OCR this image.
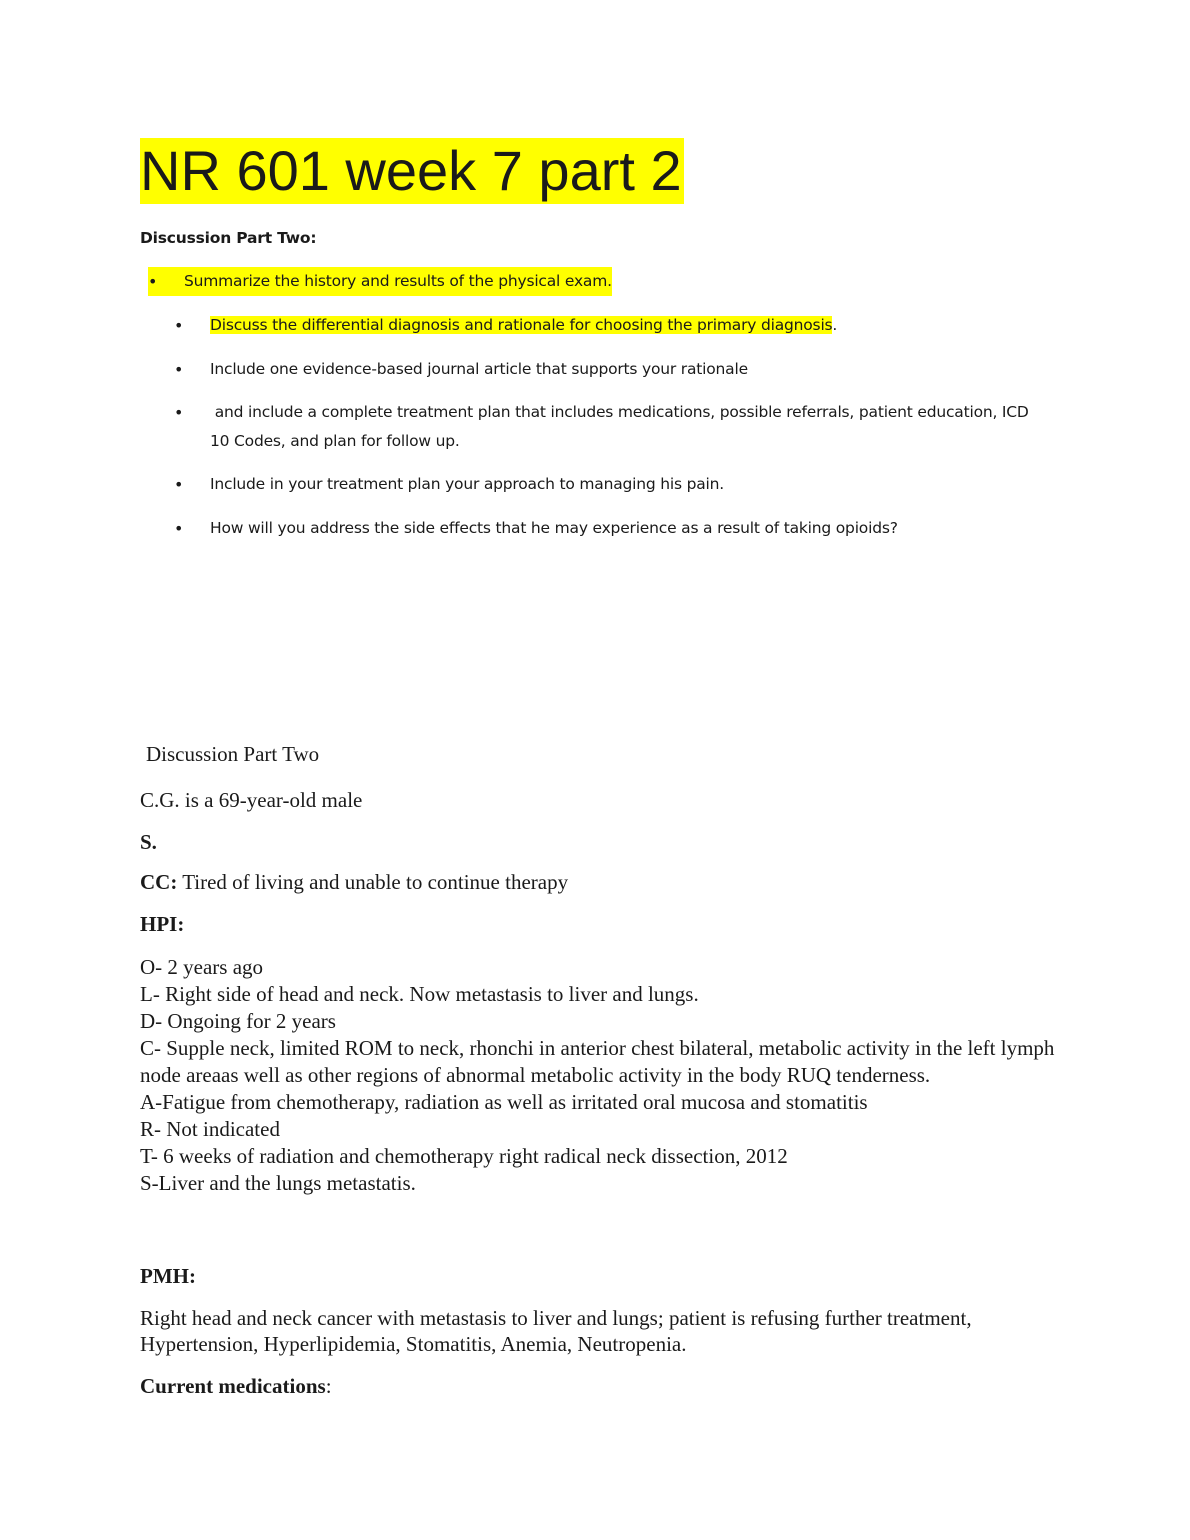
NR 601 week 7 part 2
Discussion Part Two:
• Summarize the history and results of the physical exam.
• Discuss the differential diagnosis and rationale for choosing the primary diagnosis.
• Include one evidence-based journal article that supports your rationale
• and include a complete treatment plan that includes medications, possible referrals, patient education, ICD 10 Codes, and plan for follow up.
• Include in your treatment plan your approach to managing his pain.
• How will you address the side effects that he may experience as a result of taking opioids?

Discussion Part Two

C.G. is a 69-year-old male

S.

CC: Tired of living and unable to continue therapy

HPI:

O- 2 years ago
L- Right side of head and neck. Now metastasis to liver and lungs.
D- Ongoing for 2 years
C- Supple neck, limited ROM to neck, rhonchi in anterior chest bilateral, metabolic activity in the left lymph node areaas well as other regions of abnormal metabolic activity in the body RUQ tenderness.
A-Fatigue from chemotherapy, radiation as well as irritated oral mucosa and stomatitis
R- Not indicated
T- 6 weeks of radiation and chemotherapy right radical neck dissection, 2012
S-Liver and the lungs metastatis.

PMH:

Right head and neck cancer with metastasis to liver and lungs; patient is refusing further treatment, Hypertension, Hyperlipidemia, Stomatitis, Anemia, Neutropenia.

Current medications:
